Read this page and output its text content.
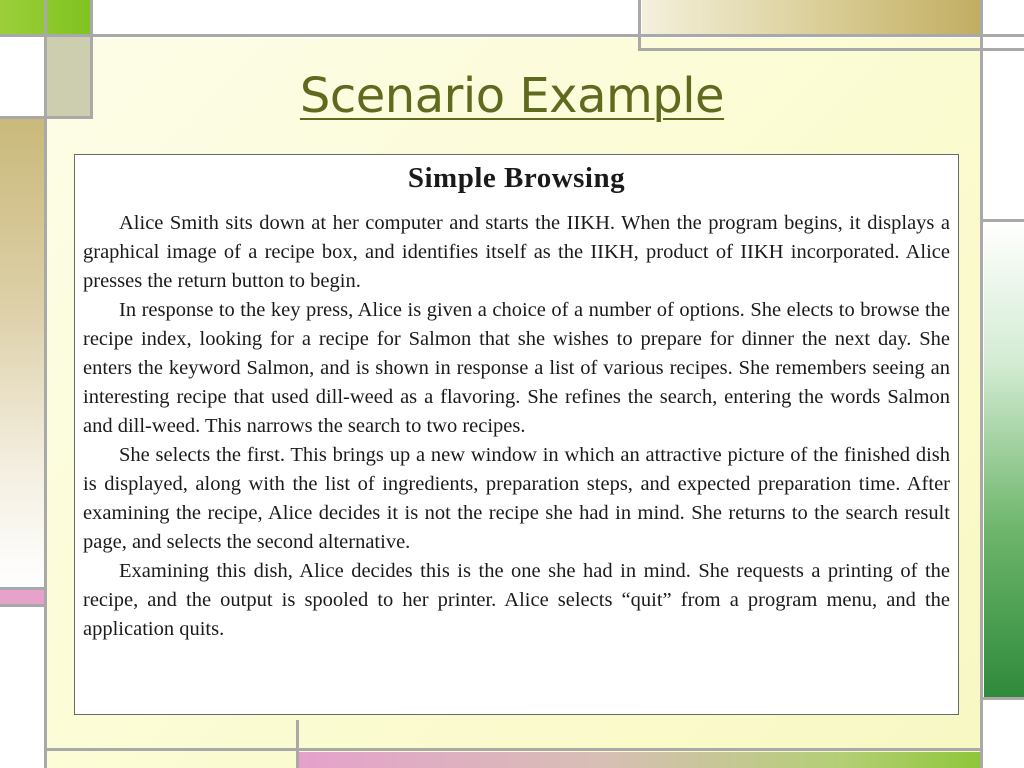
Scenario Example
Simple Browsing

Alice Smith sits down at her computer and starts the IIKH. When the program begins, it displays a graphical image of a recipe box, and identifies itself as the IIKH, product of IIKH incorporated. Alice presses the return button to begin.

In response to the key press, Alice is given a choice of a number of options. She elects to browse the recipe index, looking for a recipe for Salmon that she wishes to prepare for dinner the next day. She enters the keyword Salmon, and is shown in response a list of various recipes. She remembers seeing an interesting recipe that used dill-weed as a flavoring. She refines the search, entering the words Salmon and dill-weed. This narrows the search to two recipes.

She selects the first. This brings up a new window in which an attractive picture of the finished dish is displayed, along with the list of ingredients, preparation steps, and expected preparation time. After examining the recipe, Alice decides it is not the recipe she had in mind. She returns to the search result page, and selects the second alternative.

Examining this dish, Alice decides this is the one she had in mind. She requests a printing of the recipe, and the output is spooled to her printer. Alice selects “quit” from a program menu, and the application quits.
